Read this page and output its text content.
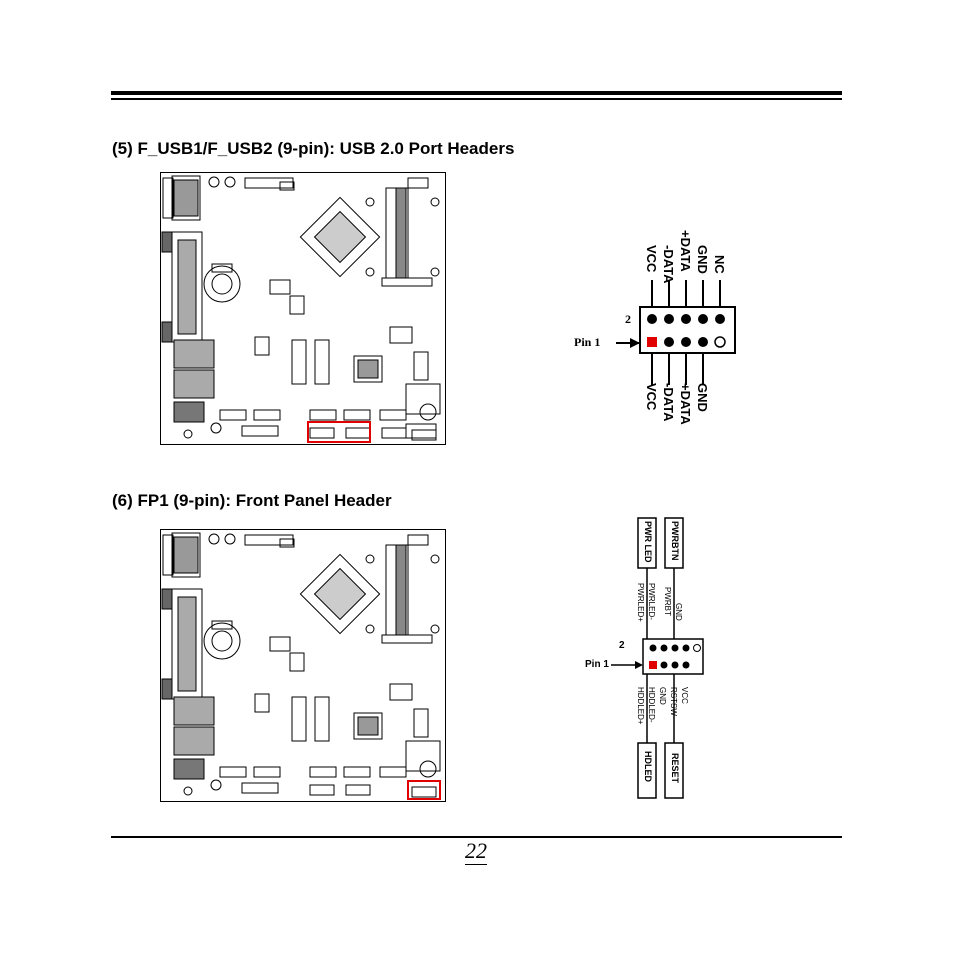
(5) F_USB1/F_USB2 (9-pin): USB 2.0 Port Headers
2
Pin 1
VCC -DATA +DATA GND NC
VCC -DATA +DATA GND
(6) FP1 (9-pin): Front Panel Header
2
Pin 1
PWR LED PWRBTN
HDLED RESET
PWRLED+ PWRLED- PWRBT GND
HDDLED+ HDDLED- GND RSTSW VCC
22
